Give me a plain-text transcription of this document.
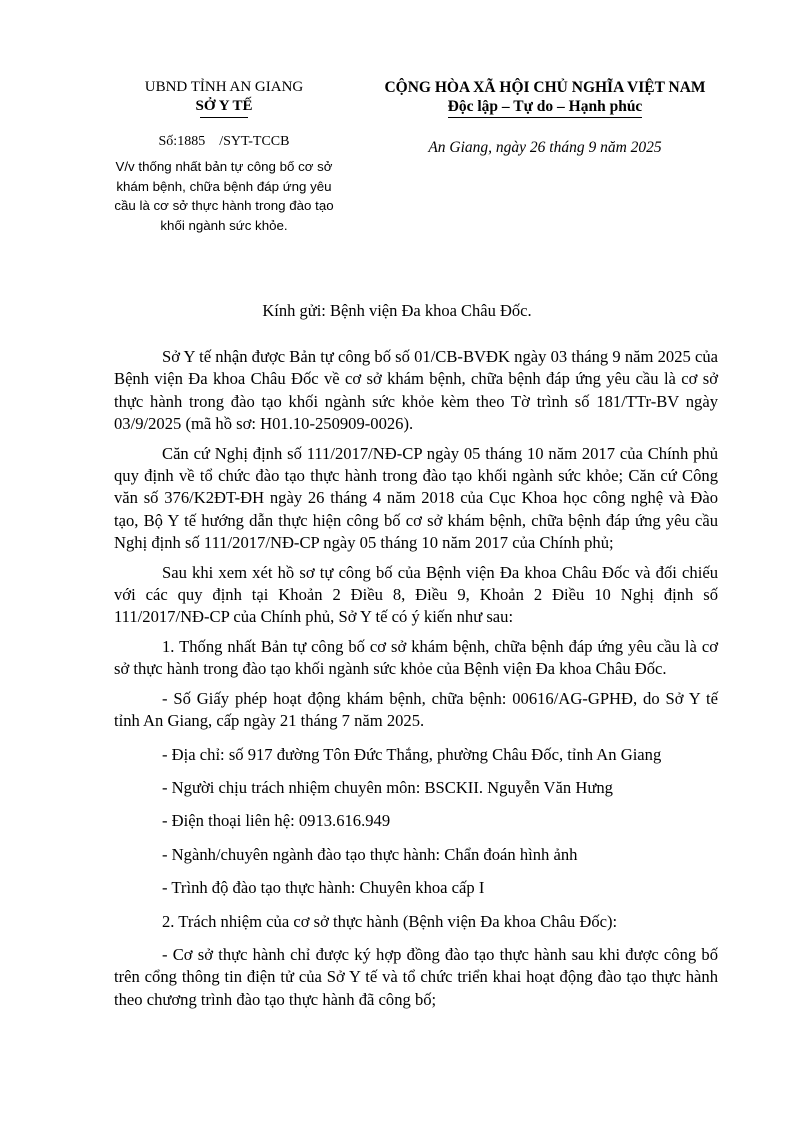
UBND TỈNH AN GIANG
SỞ Y TẾ
Số:1885 /SYT-TCCB
V/v thống nhất bản tự công bố cơ sở khám bệnh, chữa bệnh đáp ứng yêu cầu là cơ sở thực hành trong đào tạo khối ngành sức khỏe.
CỘNG HÒA XÃ HỘI CHỦ NGHĨA VIỆT NAM
Độc lập – Tự do – Hạnh phúc
An Giang, ngày 26 tháng 9 năm 2025
Kính gửi: Bệnh viện Đa khoa Châu Đốc.

Sở Y tế nhận được Bản tự công bố số 01/CB-BVĐK ngày 03 tháng 9 năm 2025 của Bệnh viện Đa khoa Châu Đốc về cơ sở khám bệnh, chữa bệnh đáp ứng yêu cầu là cơ sở thực hành trong đào tạo khối ngành sức khỏe kèm theo Tờ trình số 181/TTr-BV ngày 03/9/2025 (mã hồ sơ: H01.10-250909-0026).

Căn cứ Nghị định số 111/2017/NĐ-CP ngày 05 tháng 10 năm 2017 của Chính phủ quy định về tổ chức đào tạo thực hành trong đào tạo khối ngành sức khỏe; Căn cứ Công văn số 376/K2ĐT-ĐH ngày 26 tháng 4 năm 2018 của Cục Khoa học công nghệ và Đào tạo, Bộ Y tế hướng dẫn thực hiện công bố cơ sở khám bệnh, chữa bệnh đáp ứng yêu cầu Nghị định số 111/2017/NĐ-CP ngày 05 tháng 10 năm 2017 của Chính phủ;

Sau khi xem xét hồ sơ tự công bố của Bệnh viện Đa khoa Châu Đốc và đối chiếu với các quy định tại Khoản 2 Điều 8, Điều 9, Khoản 2 Điều 10 Nghị định số 111/2017/NĐ-CP của Chính phủ, Sở Y tế có ý kiến như sau:

1. Thống nhất Bản tự công bố cơ sở khám bệnh, chữa bệnh đáp ứng yêu cầu là cơ sở thực hành trong đào tạo khối ngành sức khỏe của Bệnh viện Đa khoa Châu Đốc.

- Số Giấy phép hoạt động khám bệnh, chữa bệnh: 00616/AG-GPHĐ, do Sở Y tế tỉnh An Giang, cấp ngày 21 tháng 7 năm 2025.

- Địa chỉ: số 917 đường Tôn Đức Thắng, phường Châu Đốc, tỉnh An Giang

- Người chịu trách nhiệm chuyên môn: BSCKII. Nguyễn Văn Hưng

- Điện thoại liên hệ: 0913.616.949

- Ngành/chuyên ngành đào tạo thực hành: Chẩn đoán hình ảnh

- Trình độ đào tạo thực hành: Chuyên khoa cấp I

2. Trách nhiệm của cơ sở thực hành (Bệnh viện Đa khoa Châu Đốc):

- Cơ sở thực hành chỉ được ký hợp đồng đào tạo thực hành sau khi được công bố trên cổng thông tin điện tử của Sở Y tế và tổ chức triển khai hoạt động đào tạo thực hành theo chương trình đào tạo thực hành đã công bố;
